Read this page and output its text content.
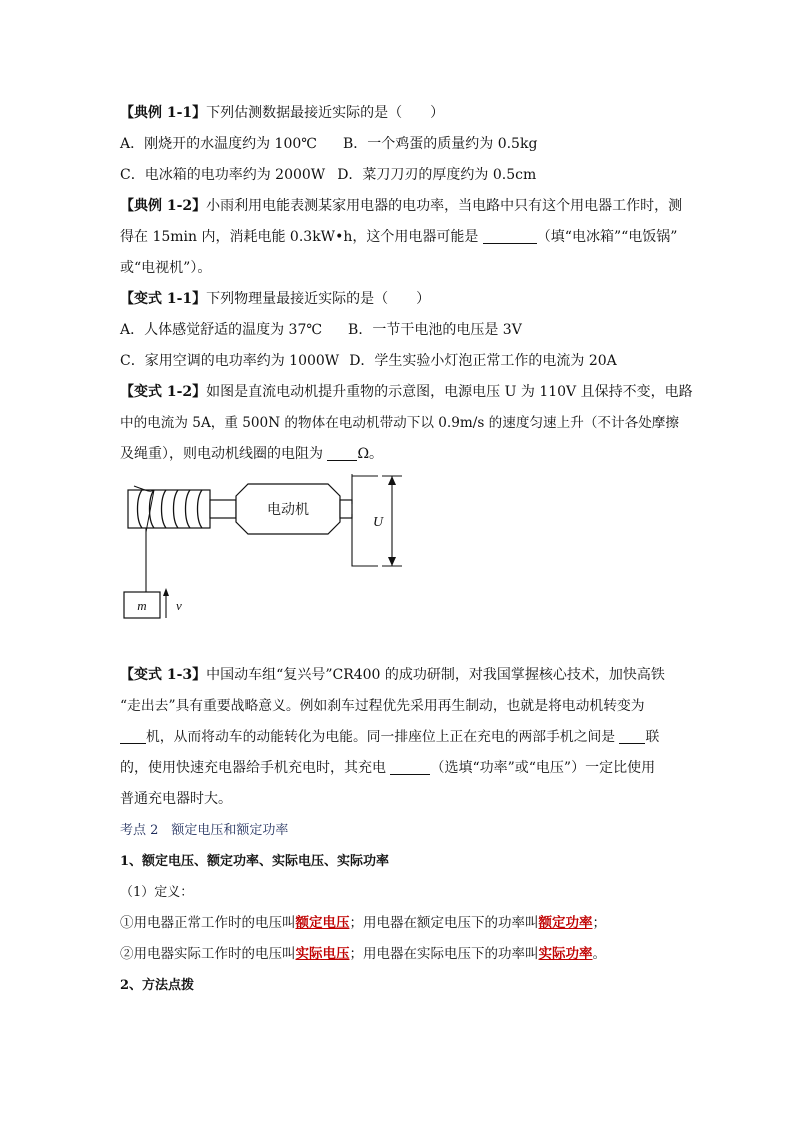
【典例 1-1】下列估测数据最接近实际的是（　　）
A．刚烧开的水温度约为 100℃ B．一个鸡蛋的质量约为 0.5kg
C．电冰箱的电功率约为 2000W D．菜刀刀刃的厚度约为 0.5cm
【典例 1-2】小雨利用电能表测某家用电器的电功率，当电路中只有这个用电器工作时，测
得在 15min 内，消耗电能 0.3kW•h，这个用电器可能是	（填“电冰箱”“电饭锅”
或“电视机”）。
【变式 1-1】下列物理量最接近实际的是（　　）
A．人体感觉舒适的温度为 37℃ B．一节干电池的电压是 3V
C．家用空调的电功率约为 1000W D．学生实验小灯泡正常工作的电流为 20A
【变式 1-2】如图是直流电动机提升重物的示意图，电源电压 U 为 110V 且保持不变，电路
中的电流为 5A，重 500N 的物体在电动机带动下以 0.9m/s 的速度匀速上升（不计各处摩擦
及绳重），则电动机线圈的电阻为 Ω。
电动机
U
m v
【变式 1-3】中国动车组“复兴号”CR400 的成功研制，对我国掌握核心技术，加快高铁
“走出去”具有重要战略意义。例如刹车过程优先采用再生制动，也就是将电动机转变为
机，从而将动车的动能转化为电能。同一排座位上正在充电的两部手机之间是 联
的，使用快速充电器给手机充电时，其充电	（选填“功率”或“电压”）一定比使用
普通充电器时大。
考点 2　额定电压和额定功率
1、额定电压、额定功率、实际电压、实际功率
（1）定义：
①用电器正常工作时的电压叫额定电压；用电器在额定电压下的功率叫额定功率；
②用电器实际工作时的电压叫实际电压；用电器在实际电压下的功率叫实际功率。
2、方法点拨
